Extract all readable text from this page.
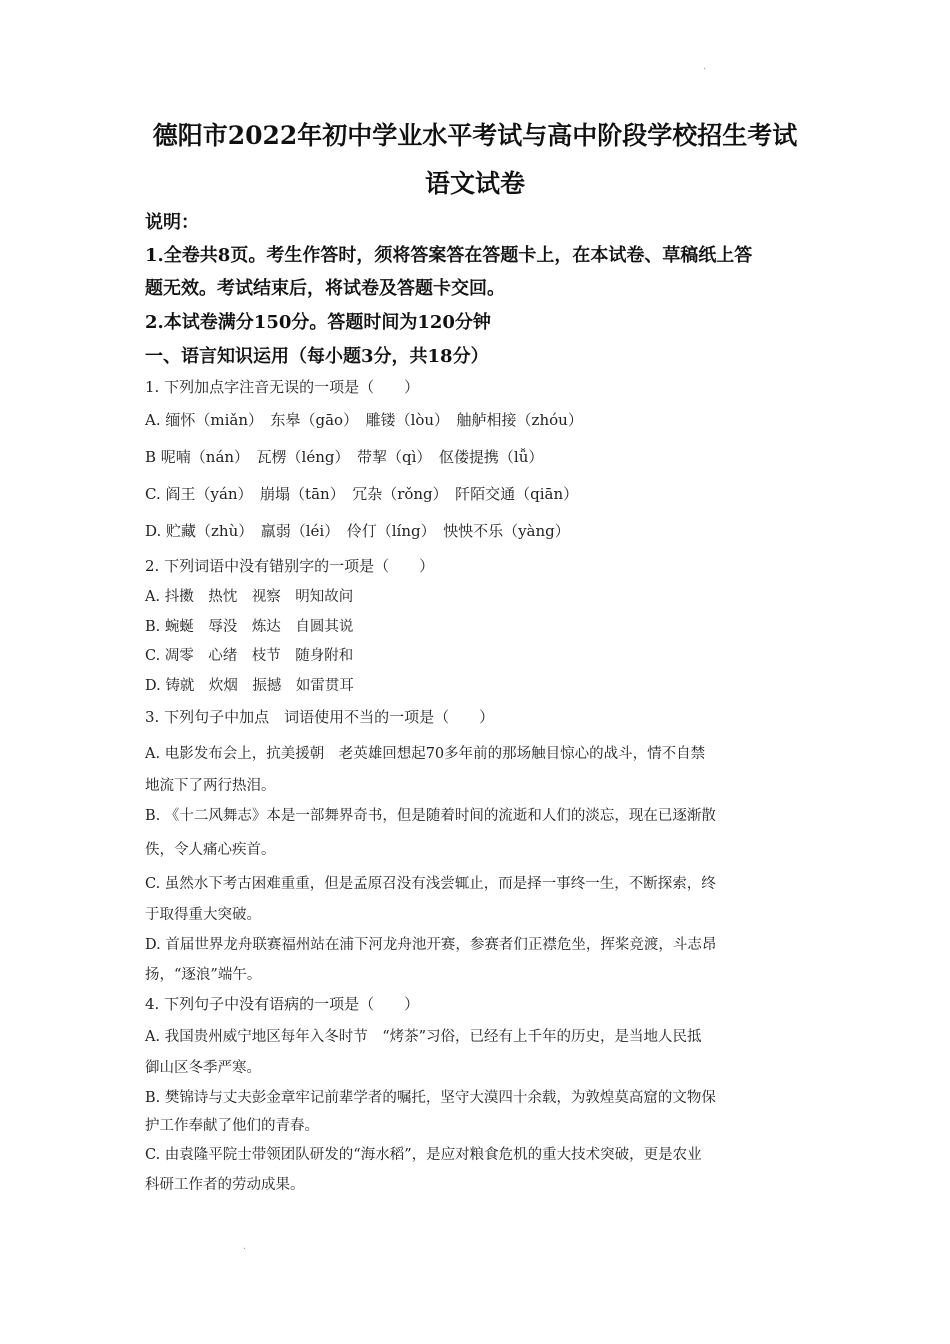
·
德阳市2022年初中学业水平考试与高中阶段学校招生考试
语文试卷
说明：
1.全卷共8页。考生作答时，须将答案答在答题卡上，在本试卷、草稿纸上答
题无效。考试结束后，将试卷及答题卡交回。
2.本试卷满分150分。答题时间为120分钟
一、语言知识运用（每小题3分，共18分）
1. 下列加点字注音无误的一项是（　　）
A. 缅怀（miǎn）　东皋（gāo）　雕镂（lòu）　舳舻相接（zhóu）
B 呢喃（nán）　瓦楞（léng）　带挈（qì）　伛偻提携（lǚ）
C. 阎王（yán）　崩塌（tān）　冗杂（rǒng）　阡陌交通（qiān）
D. 贮藏（zhù）　羸弱（léi）　伶仃（líng）　怏怏不乐（yàng）
2. 下列词语中没有错别字的一项是（　　）
A. 抖擞　热忱　视察　明知故问
B. 蜿蜒　辱没　炼达　自圆其说
C. 凋零　心绪　枝节　随身附和
D. 铸就　炊烟　振撼　如雷贯耳
3. 下列句子中加点　词语使用不当的一项是（　　）
A. 电影发布会上，抗美援朝　老英雄回想起70多年前的那场触目惊心的战斗，情不自禁
地流下了两行热泪。
B. 《十二风舞志》本是一部舞界奇书，但是随着时间的流逝和人们的淡忘，现在已逐渐散
佚，令人痛心疾首。
C. 虽然水下考古困难重重，但是孟原召没有浅尝辄止，而是择一事终一生，不断探索，终
于取得重大突破。
D. 首届世界龙舟联赛福州站在浦下河龙舟池开赛，参赛者们正襟危坐，挥桨竞渡，斗志昂
扬，“逐浪”端午。
4. 下列句子中没有语病的一项是（　　）
A. 我国贵州威宁地区每年入冬时节　“烤茶”习俗，已经有上千年的历史，是当地人民抵
御山区冬季严寒。
B. 樊锦诗与丈夫彭金章牢记前辈学者的嘱托，坚守大漠四十余载，为敦煌莫高窟的文物保
护工作奉献了他们的青春。
C. 由袁隆平院士带领团队研发的“海水稻”，是应对粮食危机的重大技术突破，更是农业
科研工作者的劳动成果。
·
